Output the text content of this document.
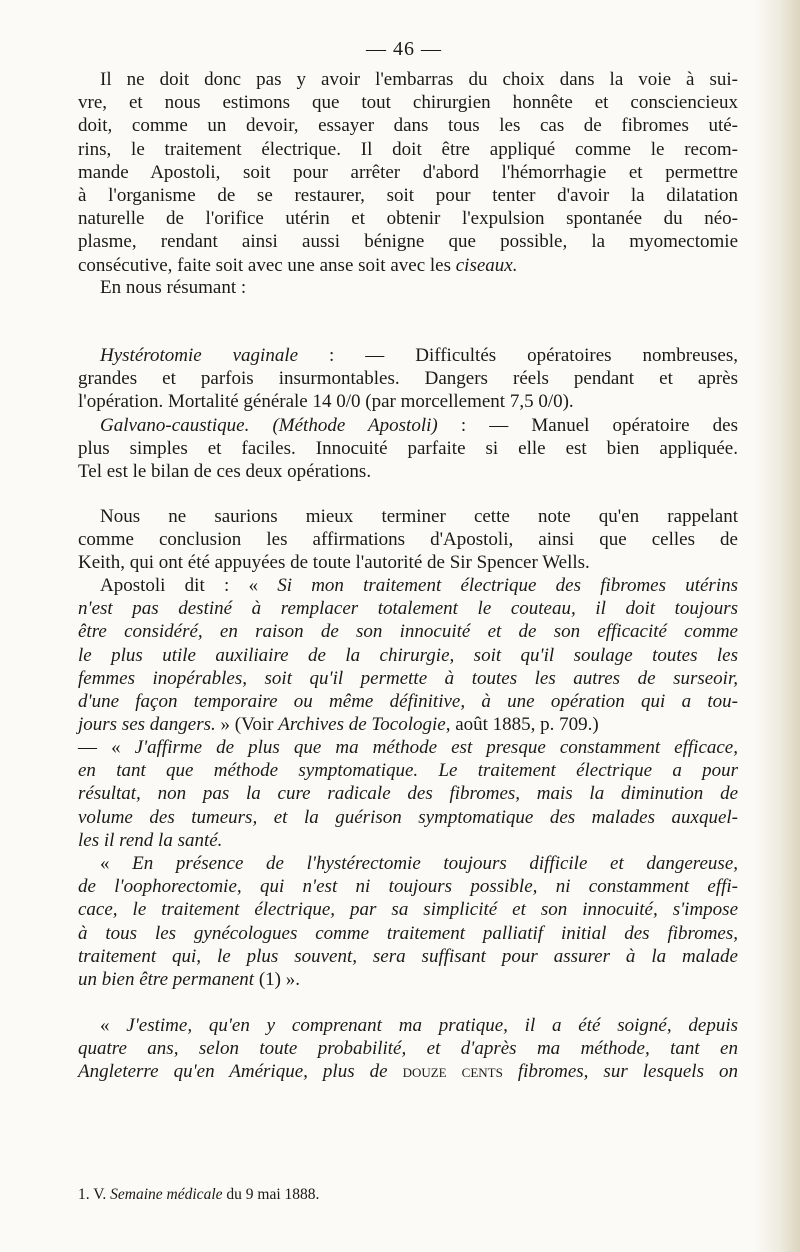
— 46 —
Il ne doit donc pas y avoir l'embarras du choix dans la voie à sui-
vre, et nous estimons que tout chirurgien honnête et consciencieux
doit, comme un devoir, essayer dans tous les cas de fibromes uté-
rins, le traitement électrique. Il doit être appliqué comme le recom-
mande Apostoli, soit pour arrêter d'abord l'hémorrhagie et permettre
à l'organisme de se restaurer, soit pour tenter d'avoir la dilatation
naturelle de l'orifice utérin et obtenir l'expulsion spontanée du néo-
plasme, rendant ainsi aussi bénigne que possible, la myomectomie
consécutive, faite soit avec une anse soit avec les ciseaux.
En nous résumant :
Hystérotomie vaginale : — Difficultés opératoires nombreuses,
grandes et parfois insurmontables. Dangers réels pendant et après
l'opération. Mortalité générale 14 0/0 (par morcellement 7,5 0/0).
Galvano-caustique. (Méthode Apostoli) : — Manuel opératoire des
plus simples et faciles. Innocuité parfaite si elle est bien appliquée.
Tel est le bilan de ces deux opérations.
Nous ne saurions mieux terminer cette note qu'en rappelant
comme conclusion les affirmations d'Apostoli, ainsi que celles de
Keith, qui ont été appuyées de toute l'autorité de Sir Spencer Wells.
Apostoli dit : « Si mon traitement électrique des fibromes utérins
n'est pas destiné à remplacer totalement le couteau, il doit toujours
être considéré, en raison de son innocuité et de son efficacité comme
le plus utile auxiliaire de la chirurgie, soit qu'il soulage toutes les
femmes inopérables, soit qu'il permette à toutes les autres de surseoir,
d'une façon temporaire ou même définitive, à une opération qui a tou-
jours ses dangers. » (Voir Archives de Tocologie, août 1885, p. 709.)
— « J'affirme de plus que ma méthode est presque constamment efficace,
en tant que méthode symptomatique. Le traitement électrique a pour
résultat, non pas la cure radicale des fibromes, mais la diminution de
volume des tumeurs, et la guérison symptomatique des malades auxquel-
les il rend la santé.
« En présence de l'hystérectomie toujours difficile et dangereuse,
de l'oophorectomie, qui n'est ni toujours possible, ni constamment effi-
cace, le traitement électrique, par sa simplicité et son innocuité, s'impose
à tous les gynécologues comme traitement palliatif initial des fibromes,
traitement qui, le plus souvent, sera suffisant pour assurer à la malade
un bien être permanent (1) ».
« J'estime, qu'en y comprenant ma pratique, il a été soigné, depuis
quatre ans, selon toute probabilité, et d'après ma méthode, tant en
Angleterre qu'en Amérique, plus de douze cents fibromes, sur lesquels on
1. V. Semaine médicale du 9 mai 1888.
